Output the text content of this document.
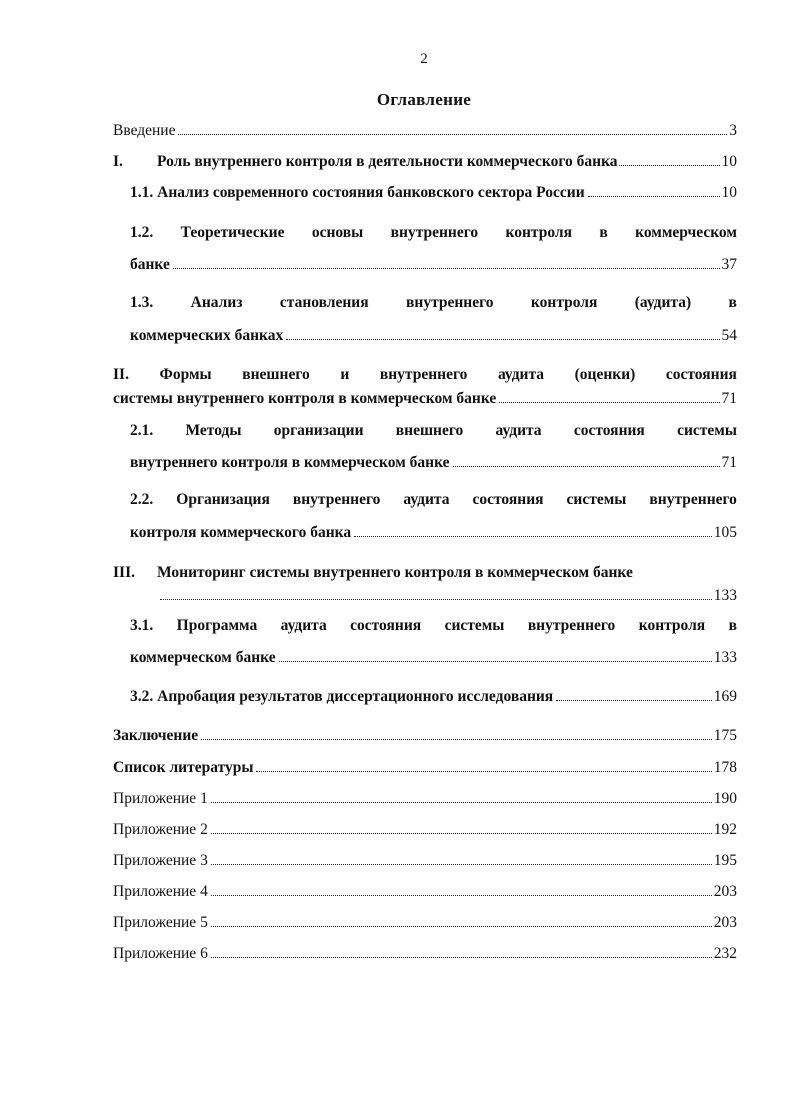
2
Оглавление
Введение	3
I. Роль внутреннего контроля в деятельности коммерческого банка	10
1.1. Анализ современного состояния банковского сектора России	10
1.2. Теоретические основы внутреннего контроля в коммерческом
банке	37
1.3. Анализ становления внутреннего контроля (аудита) в
коммерческих банках	54
II. Формы внешнего и внутреннего аудита (оценки) состояния
системы внутреннего контроля в коммерческом банке	71
2.1. Методы организации внешнего аудита состояния системы
внутреннего контроля в коммерческом банке	71
2.2. Организация внутреннего аудита состояния системы внутреннего
контроля коммерческого банка	105
III. Мониторинг системы внутреннего контроля в коммерческом банке
133
3.1. Программа аудита состояния системы внутреннего контроля в
коммерческом банке	133
3.2. Апробация результатов диссертационного исследования	169
Заключение	175
Список литературы	178
Приложение 1	190
Приложение 2	192
Приложение 3	195
Приложение 4	203
Приложение 5	203
Приложение 6	232
